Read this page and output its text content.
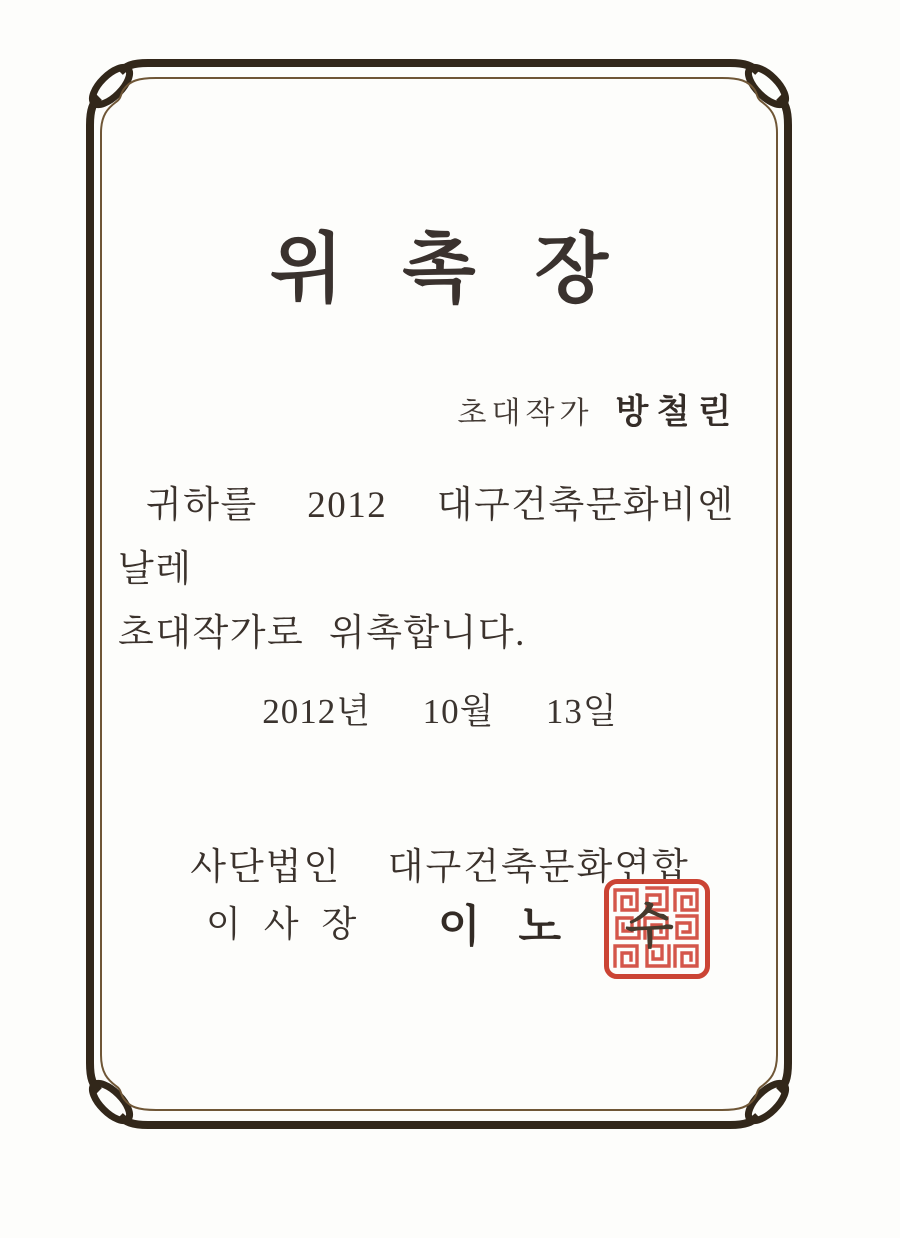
위 촉 장
초대작가 방 철 린

귀하를  2012  대구건축문화비엔날레

초대작가로 위촉합니다.

2012년  10월  13일
사단법인  대구건축문화연합
이 사 장 이  노 수
